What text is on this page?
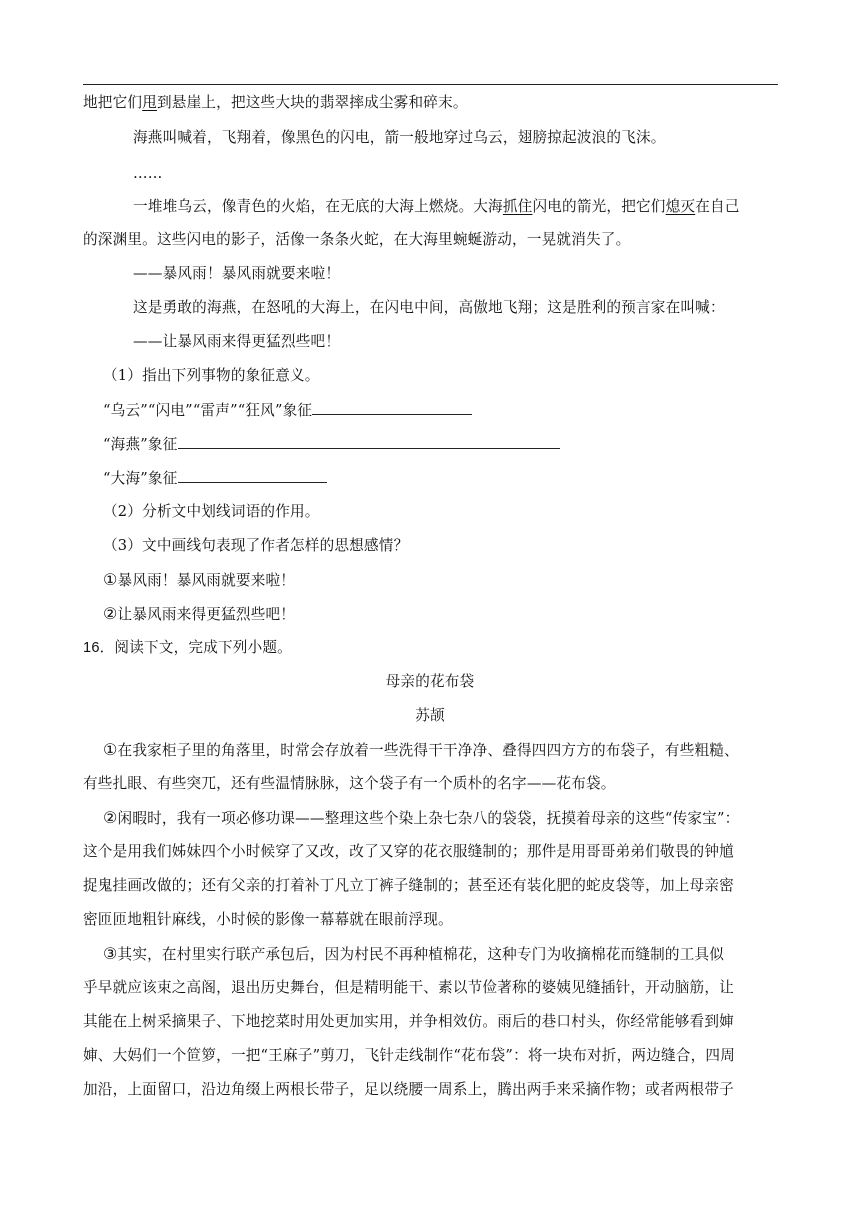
地把它们甩到悬崖上，把这些大块的翡翠摔成尘雾和碎末。
海燕叫喊着，飞翔着，像黑色的闪电，箭一般地穿过乌云，翅膀掠起波浪的飞沫。
……
一堆堆乌云，像青色的火焰，在无底的大海上燃烧。大海抓住闪电的箭光，把它们熄灭在自己
的深渊里。这些闪电的影子，活像一条条火蛇，在大海里蜿蜒游动，一晃就消失了。
——暴风雨！暴风雨就要来啦！
这是勇敢的海燕，在怒吼的大海上，在闪电中间，高傲地飞翔；这是胜利的预言家在叫喊：
——让暴风雨来得更猛烈些吧！
（1）指出下列事物的象征意义。
“乌云”“闪电”“雷声”“狂风”象征
“海燕”象征
“大海”象征
（2）分析文中划线词语的作用。
（3）文中画线句表现了作者怎样的思想感情？
①暴风雨！暴风雨就要来啦！
②让暴风雨来得更猛烈些吧！
16．阅读下文，完成下列小题。
母亲的花布袋
苏颉
①在我家柜子里的角落里，时常会存放着一些洗得干干净净、叠得四四方方的布袋子，有些粗糙、
有些扎眼、有些突兀，还有些温情脉脉，这个袋子有一个质朴的名字——花布袋。
②闲暇时，我有一项必修功课——整理这些个染上杂七杂八的袋袋，抚摸着母亲的这些“传家宝”：
这个是用我们姊妹四个小时候穿了又改，改了又穿的花衣服缝制的；那件是用哥哥弟弟们敬畏的钟馗
捉鬼挂画改做的；还有父亲的打着补丁凡立丁裤子缝制的；甚至还有装化肥的蛇皮袋等，加上母亲密
密匝匝地粗针麻线，小时候的影像一幕幕就在眼前浮现。
③其实，在村里实行联产承包后，因为村民不再种植棉花，这种专门为收摘棉花而缝制的工具似
乎早就应该束之高阁，退出历史舞台，但是精明能干、素以节俭著称的婆姨见缝插针，开动脑筋，让
其能在上树采摘果子、下地挖菜时用处更加实用，并争相效仿。雨后的巷口村头，你经常能够看到婶
婶、大妈们一个笸箩，一把“王麻子”剪刀，飞针走线制作“花布袋”：将一块布对折，两边缝合，四周
加沿，上面留口，沿边角缀上两根长带子，足以绕腰一周系上，腾出两手来采摘作物；或者两根带子
